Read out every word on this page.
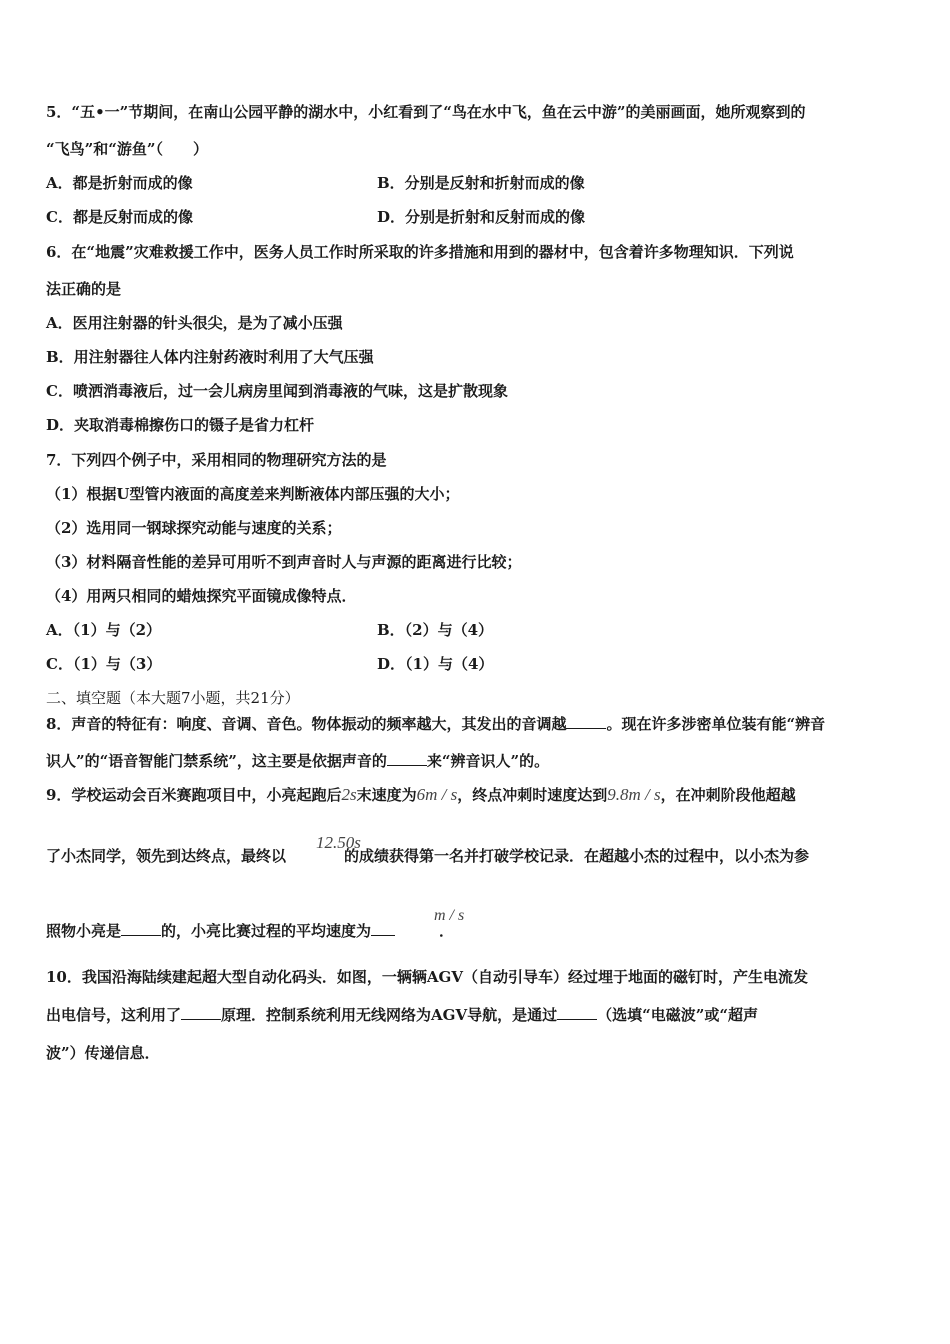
5．“五•一”节期间，在南山公园平静的湖水中，小红看到了“鸟在水中飞，鱼在云中游”的美丽画面，她所观察到的
“飞鸟”和“游鱼”（　　）
A．都是折射而成的像	B．分别是反射和折射而成的像
C．都是反射而成的像	D．分别是折射和反射而成的像
6．在“地震”灾难救援工作中，医务人员工作时所采取的许多措施和用到的器材中，包含着许多物理知识．下列说
法正确的是
A．医用注射器的针头很尖，是为了减小压强
B．用注射器往人体内注射药液时利用了大气压强
C．喷洒消毒液后，过一会儿病房里闻到消毒液的气味，这是扩散现象
D．夹取消毒棉擦伤口的镊子是省力杠杆
7．下列四个例子中，采用相同的物理研究方法的是
（1）根据U型管内液面的高度差来判断液体内部压强的大小；
（2）选用同一钢球探究动能与速度的关系；
（3）材料隔音性能的差异可用听不到声音时人与声源的距离进行比较；
（4）用两只相同的蜡烛探究平面镜成像特点．
A．（1）与（2）	B．（2）与（4）
C．（1）与（3）	D．（1）与（4）
二、填空题（本大题7小题，共21分）
8．声音的特征有：响度、音调、音色。物体振动的频率越大，其发出的音调越	。现在许多涉密单位装有能“辨音
识人”的“语音智能门禁系统”，这主要是依据声音的	来“辨音识人”的。
9．学校运动会百米赛跑项目中，小亮起跑后2s末速度为6m / s，终点冲刺时速度达到9.8m / s，在冲刺阶段他超越
12.50s
了小杰同学，领先到达终点，最终以	的成绩获得第一名并打破学校记录．在超越小杰的过程中，以小杰为参
m / s
照物小亮是	的，小亮比赛过程的平均速度为	．
10．我国沿海陆续建起超大型自动化码头．如图，一辆辆AGV（自动引导车）经过埋于地面的磁钉时，产生电流发
出电信号，这利用了	原理．控制系统利用无线网络为AGV导航，是通过	（选填“电磁波”或“超声
波”）传递信息．
